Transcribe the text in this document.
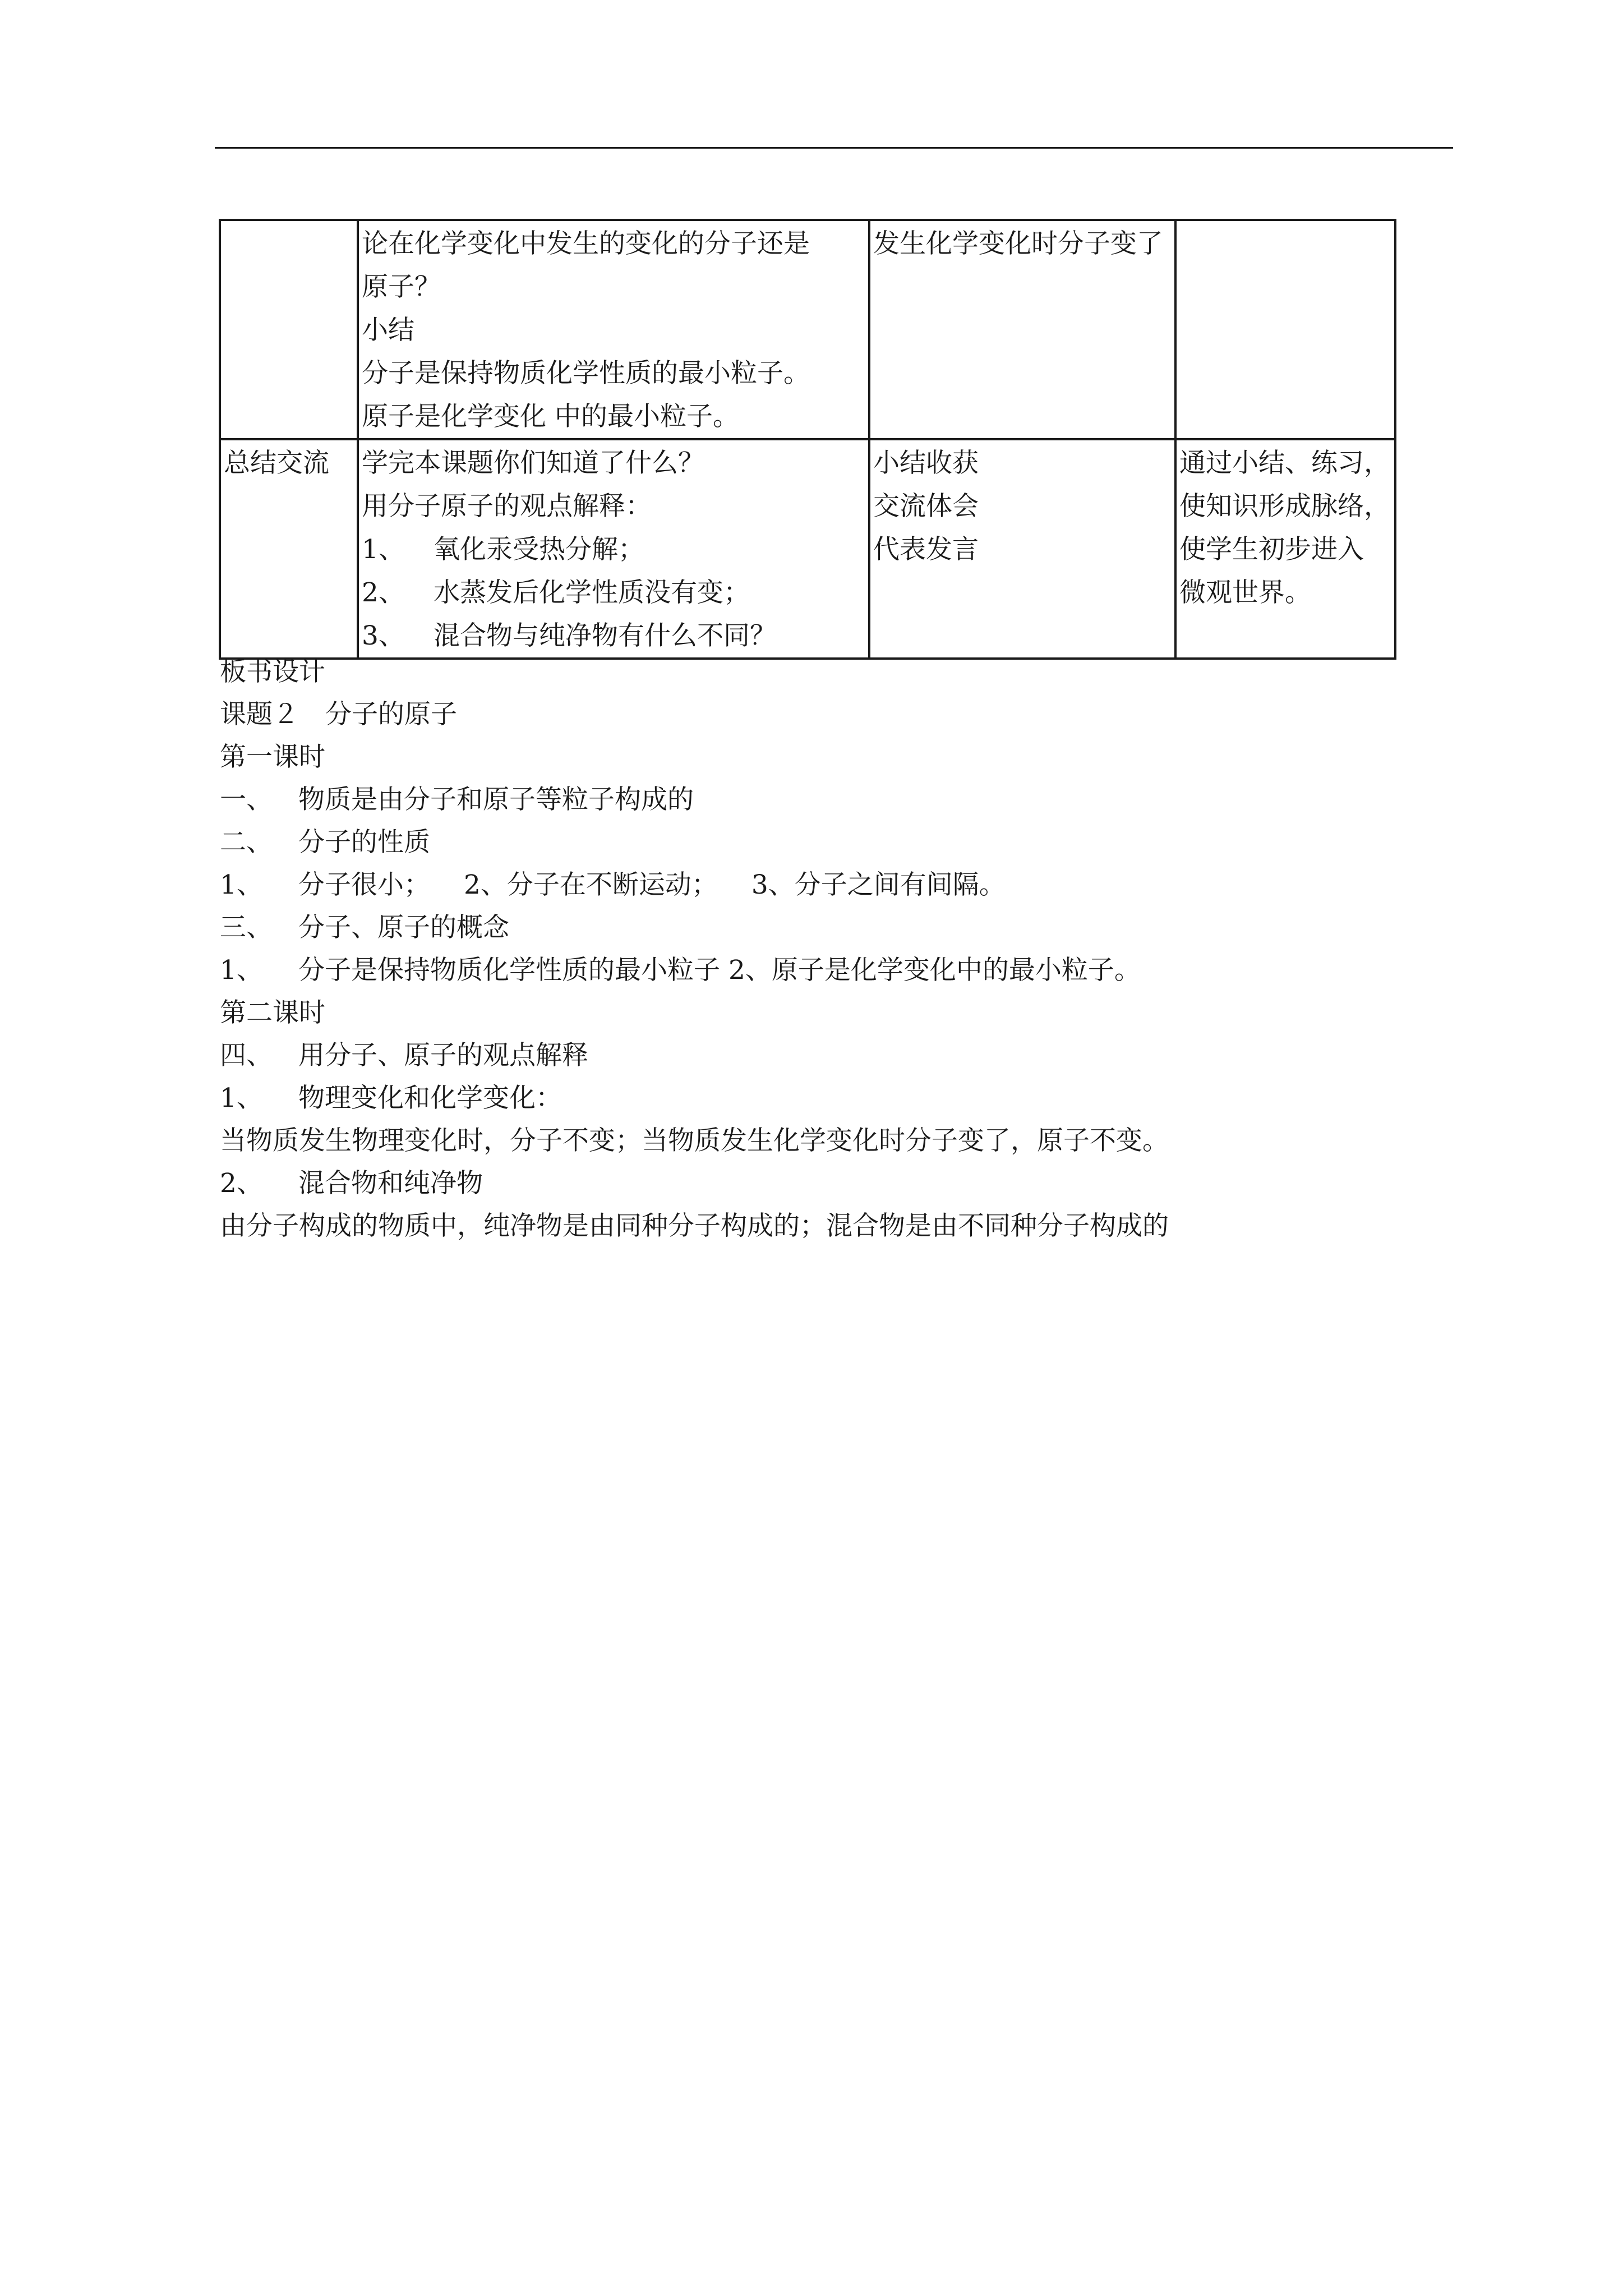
	论在化学变化中发生的变化的分子还是
原子？
小结
分子是保持物质化学性质的最小粒子。
原子是化学变化 中的最小粒子。	发生化学变化时分子变了	

总结交流	学完本课题你们知道了什么？
用分子原子的观点解释：
1、 氧化汞受热分解；
2、 水蒸发后化学性质没有变；
3、 混合物与纯净物有什么不同？	小结收获
交流体会
代表发言	通过小结、练习，
使知识形成脉络，
使学生初步进入
微观世界。
板书设计
课题２　分子的原子
第一课时
一、 物质是由分子和原子等粒子构成的
二、 分子的性质
1、 分子很小； 2、分子在不断运动； 3、分子之间有间隔。
三、 分子、原子的概念
1、 分子是保持物质化学性质的最小粒子 2、原子是化学变化中的最小粒子。
第二课时
四、 用分子、原子的观点解释
1、 物理变化和化学变化：
当物质发生物理变化时，分子不变；当物质发生化学变化时分子变了，原子不变。
2、 混合物和纯净物
由分子构成的物质中，纯净物是由同种分子构成的；混合物是由不同种分子构成的
